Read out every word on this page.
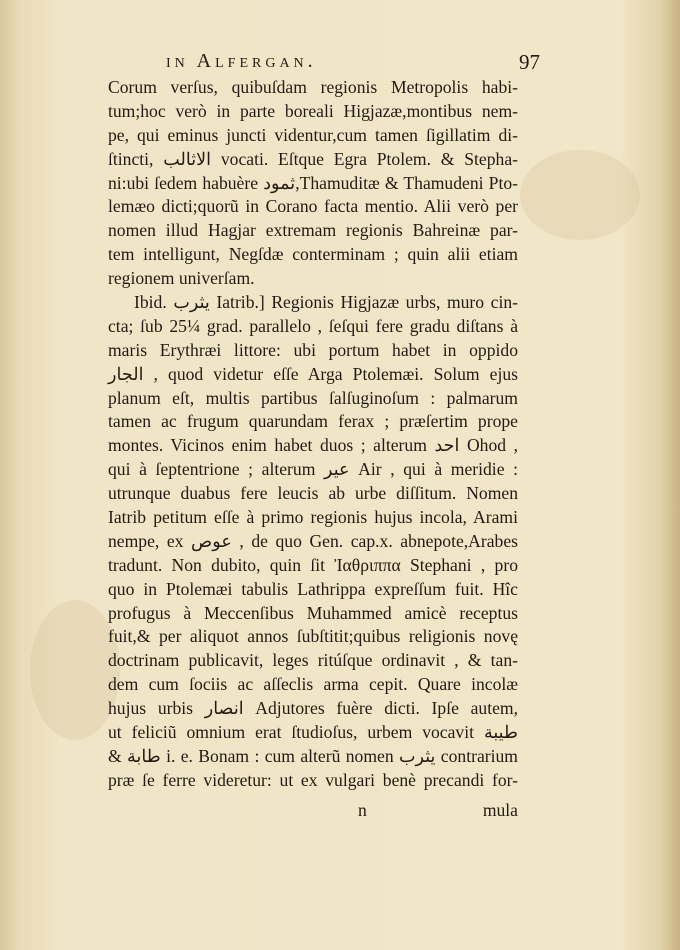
in Alfergan.	97
Corum verſus, quibuſdam regionis Metropolis habi-
tum;hoc verò in parte boreali Higjazæ,montibus nem-
pe, qui eminus juncti videntur,cum tamen ſigillatim di-
ſtincti, الاثالب vocati. Eſtque Egra Ptolem. & Stepha-
ni:ubi ſedem habuère ثمود,Thamuditæ & Thamudeni Pto-
lemæo dicti;quorũ in Corano facta mentio. Alii verò per
nomen illud Hagjar extremam regionis Bahreinæ par-
tem intelligunt, Negſdæ conterminam ; quin alii etiam
regionem univerſam.
Ibid. يثرب Iatrib.] Regionis Higjazæ urbs, muro cin-
cta; ſub 25¼ grad. parallelo , ſeſqui fere gradu diſtans à
maris Erythræi littore: ubi portum habet in oppido
الجار , quod videtur eſſe Arga Ptolemæi. Solum ejus
planum eſt, multis partibus ſalſuginoſum : palmarum
tamen ac frugum quarundam ferax ; præſertim prope
montes. Vicinos enim habet duos ; alterum احد Ohod ,
qui à ſeptentrione ; alterum عير Air , qui à meridie :
utrunque duabus fere leucis ab urbe diſſitum. Nomen
Iatrib petitum eſſe à primo regionis hujus incola, Arami
nempe, ex عوص , de quo Gen. cap.x. abnepote,Arabes
tradunt. Non dubito, quin ſit Ἰαθριππα Stephani , pro
quo in Ptolemæi tabulis Lathrippa expreſſum fuit. Hîc
profugus à Meccenſibus Muhammed amicè receptus
fuit,& per aliquot annos ſubſtitit;quibus religionis novę
doctrinam publicavit, leges ritúſque ordinavit , & tan-
dem cum ſociis ac aſſeclis arma cepit. Quare incolæ
hujus urbis انصار Adjutores fuère dicti. Ipſe autem,
ut feliciũ omnium erat ſtudioſus, urbem vocavit طيبة
& طابة i. e. Bonam : cum alterũ nomen يثرب contrarium
præ ſe ferre videretur: ut ex vulgari benè precandi for-
n	mula
